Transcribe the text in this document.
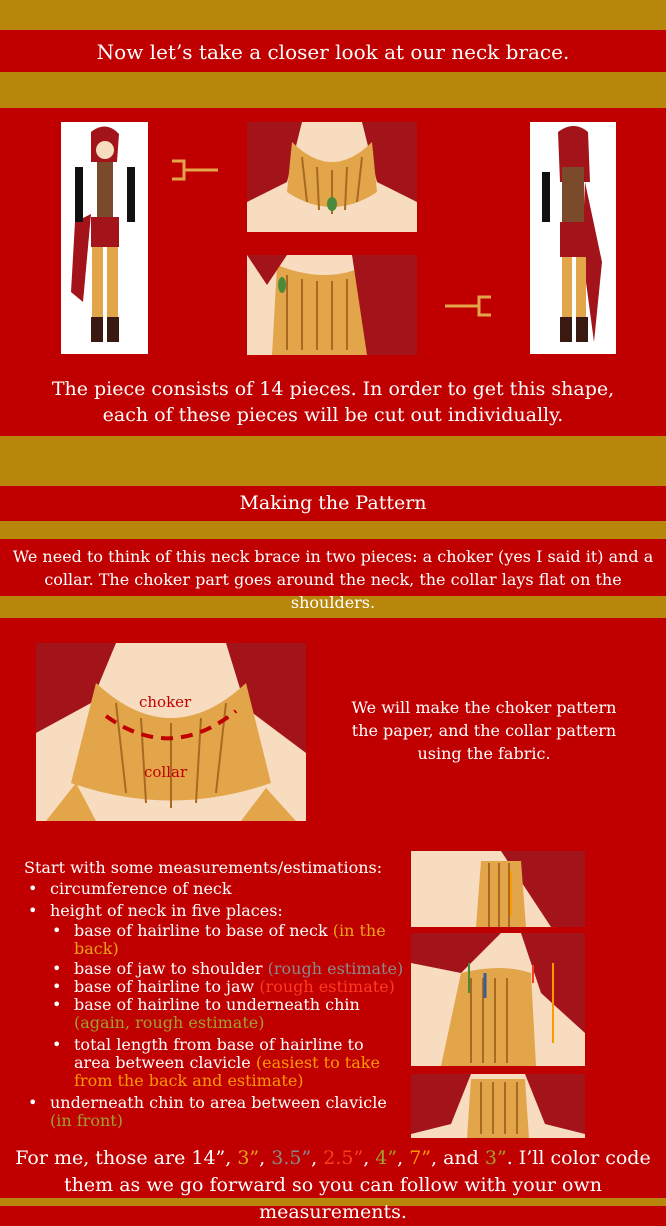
Now let’s take a closer look at our neck brace.
The piece consists of 14 pieces. In order to get this shape, each of these pieces will be cut out individually.
Making the Pattern
We need to think of this neck brace in two pieces: a choker (yes I said it) and a collar. The choker part goes around the neck, the collar lays flat on the shoulders.
choker
collar
We will make the choker pattern the paper, and the collar pattern using the fabric.
Start with some measurements/estimations:
• circumference of neck
• height of neck in five places:
• base of hairline to base of neck (in the back)
• base of jaw to shoulder (rough estimate)
• base of hairline to jaw (rough estimate)
• base of hairline to underneath chin (again, rough estimate)
• total length from base of hairline to area between clavicle (easiest to take from the back and estimate)
• underneath chin to area between clavicle (in front)
For me, those are 14”, 3”, 3.5”, 2.5”, 4”, 7”, and 3”. I’ll color code them as we go forward so you can follow with your own measurements.
